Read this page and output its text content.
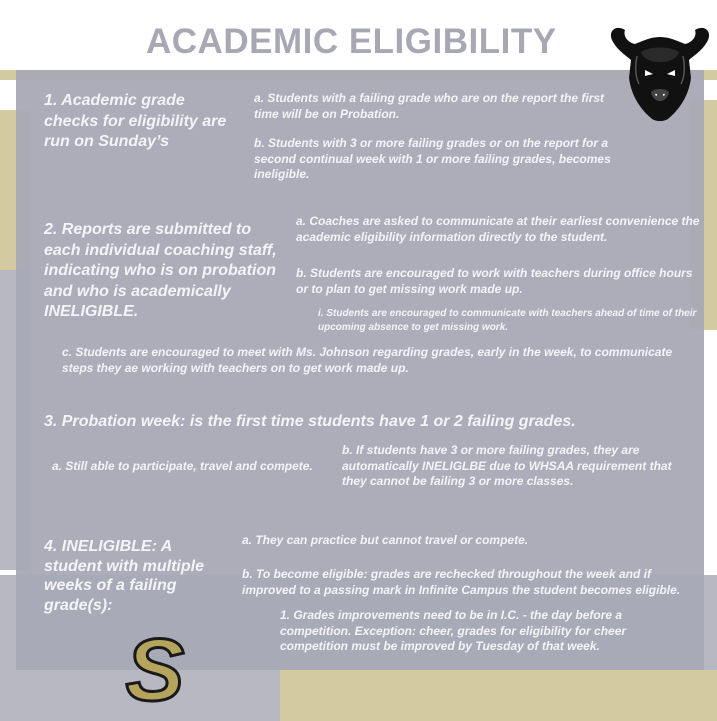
ACADEMIC ELIGIBILITY

1. Academic grade checks for eligibility are run on Sunday’s

a. Students with a failing grade who are on the report the first time will be on Probation.

b. Students with 3 or more failing grades or on the report for a second continual week with 1 or more failing grades, becomes ineligible.

2. Reports are submitted to each individual coaching staff, indicating who is on probation and who is academically INELIGIBLE.

a. Coaches are asked to communicate at their earliest convenience the academic eligibility information directly to the student.

b. Students are encouraged to work with teachers during office hours or to plan to get missing work made up.

i. Students are encouraged to communicate with teachers ahead of time of their upcoming absence to get missing work.

c. Students are encouraged to meet with Ms. Johnson regarding grades, early in the week, to communicate steps they ae working with teachers on to get work made up.

3. Probation week: is the first time students have 1 or 2 failing grades.

a. Still able to participate, travel and compete.

b. If students have 3 or more failing grades, they are automatically INELIGLBE due to WHSAA requirement that they cannot be failing 3 or more classes.

4. INELIGIBLE: A student with multiple weeks of a failing grade(s):

a. They can practice but cannot travel or compete.

b. To become eligible: grades are rechecked throughout the week and if improved to a passing mark in Infinite Campus the student becomes eligible.

1. Grades improvements need to be in I.C. - the day before a competition. Exception: cheer, grades for eligibility for cheer competition must be improved by Tuesday of that week.

S
